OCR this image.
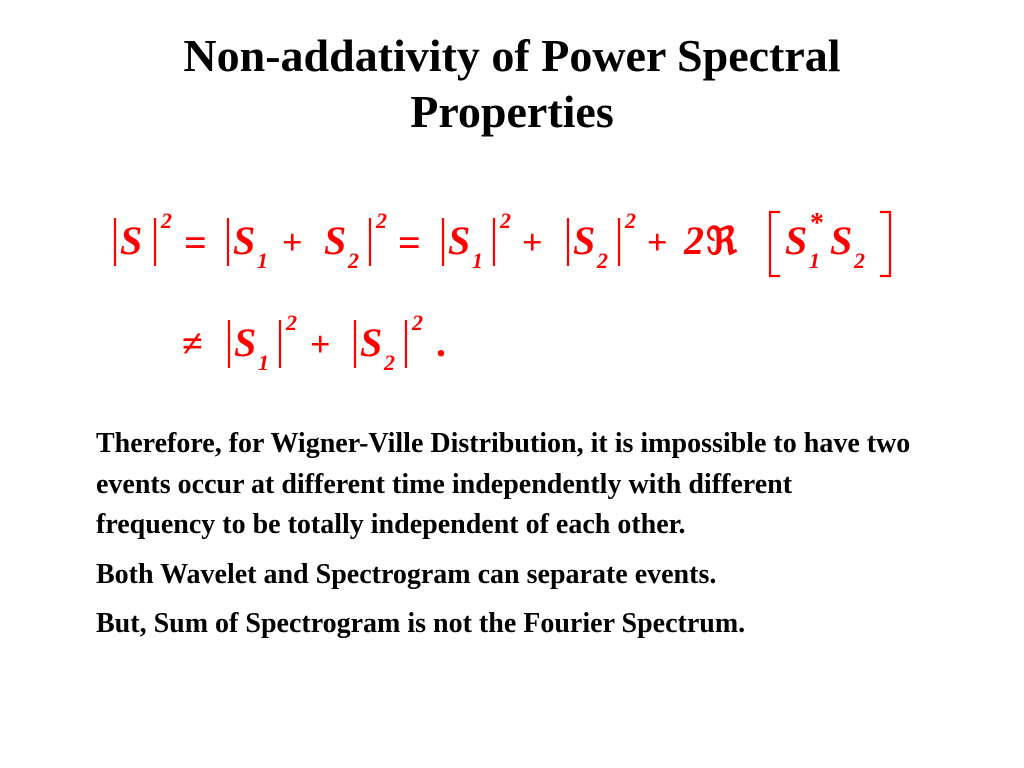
Non-addativity of Power Spectral
Properties
S 2 = S 1 + S 2
2 = S 1
2
+ S 2
2
+ 2 ℜ S 1
* S 2
≠ S 1
2
+ S 2
2 .

Therefore, for Wigner-Ville Distribution, it is impossible to have two events occur at different time independently with different frequency to be totally independent of each other.

Both Wavelet and Spectrogram can separate events.

But, Sum of Spectrogram is not the Fourier Spectrum.
